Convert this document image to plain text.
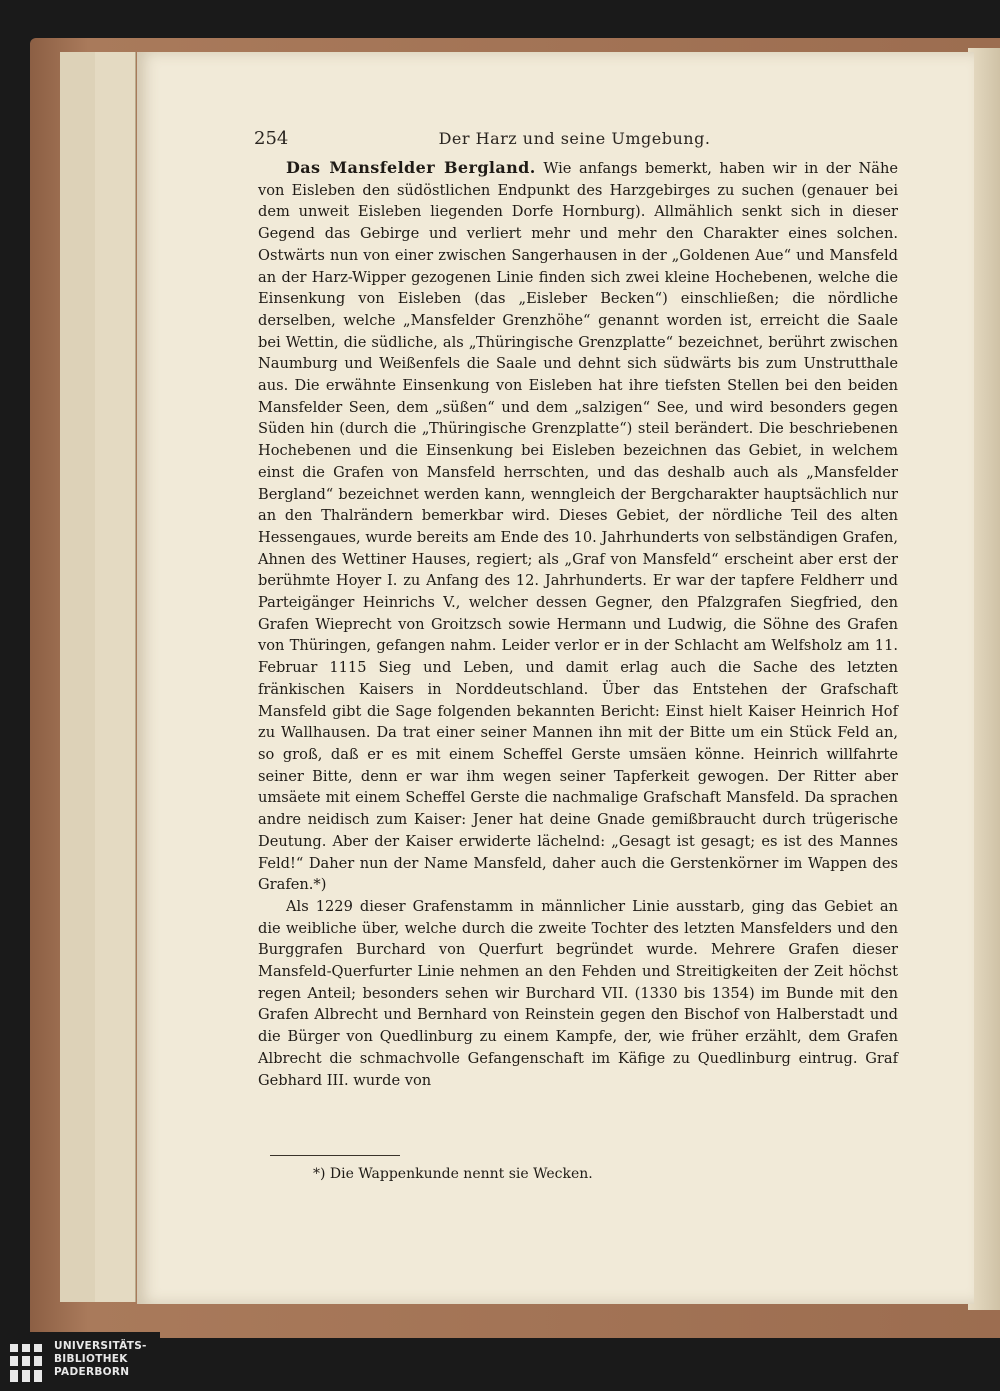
254	Der Harz und seine Umgebung.

Das Mansfelder Bergland. Wie anfangs bemerkt, haben wir in der Nähe von Eisleben den südöstlichen Endpunkt des Harzgebirges zu suchen (genauer bei dem unweit Eisleben liegenden Dorfe Hornburg). Allmählich senkt sich in dieser Gegend das Gebirge und verliert mehr und mehr den Charakter eines solchen. Ostwärts nun von einer zwischen Sangerhausen in der „Goldenen Aue“ und Mansfeld an der Harz-Wipper gezogenen Linie finden sich zwei kleine Hochebenen, welche die Einsenkung von Eisleben (das „Eisleber Becken“) einschließen; die nördliche derselben, welche „Mansfelder Grenzhöhe“ genannt worden ist, erreicht die Saale bei Wettin, die südliche, als „Thüringische Grenzplatte“ bezeichnet, berührt zwischen Naumburg und Weißenfels die Saale und dehnt sich südwärts bis zum Unstrutthale aus. Die erwähnte Einsenkung von Eisleben hat ihre tiefsten Stellen bei den beiden Mansfelder Seen, dem „süßen“ und dem „salzigen“ See, und wird besonders gegen Süden hin (durch die „Thüringische Grenzplatte“) steil berändert. Die beschriebenen Hochebenen und die Einsenkung bei Eisleben bezeichnen das Gebiet, in welchem einst die Grafen von Mansfeld herrschten, und das deshalb auch als „Mansfelder Bergland“ bezeichnet werden kann, wenngleich der Bergcharakter hauptsächlich nur an den Thalrändern bemerkbar wird. Dieses Gebiet, der nördliche Teil des alten Hessengaues, wurde bereits am Ende des 10. Jahrhunderts von selbständigen Grafen, Ahnen des Wettiner Hauses, regiert; als „Graf von Mansfeld“ erscheint aber erst der berühmte Hoyer I. zu Anfang des 12. Jahrhunderts. Er war der tapfere Feldherr und Parteigänger Heinrichs V., welcher dessen Gegner, den Pfalzgrafen Siegfried, den Grafen Wieprecht von Groitzsch sowie Hermann und Ludwig, die Söhne des Grafen von Thüringen, gefangen nahm. Leider verlor er in der Schlacht am Welfsholz am 11. Februar 1115 Sieg und Leben, und damit erlag auch die Sache des letzten fränkischen Kaisers in Norddeutschland. Über das Entstehen der Grafschaft Mansfeld gibt die Sage folgenden bekannten Bericht: Einst hielt Kaiser Heinrich Hof zu Wallhausen. Da trat einer seiner Mannen ihn mit der Bitte um ein Stück Feld an, so groß, daß er es mit einem Scheffel Gerste umsäen könne. Heinrich willfahrte seiner Bitte, denn er war ihm wegen seiner Tapferkeit gewogen. Der Ritter aber umsäete mit einem Scheffel Gerste die nachmalige Grafschaft Mansfeld. Da sprachen andre neidisch zum Kaiser: Jener hat deine Gnade gemißbraucht durch trügerische Deutung. Aber der Kaiser erwiderte lächelnd: „Gesagt ist gesagt; es ist des Mannes Feld!“ Daher nun der Name Mansfeld, daher auch die Gerstenkörner im Wappen des Grafen.*)

Als 1229 dieser Grafenstamm in männlicher Linie ausstarb, ging das Gebiet an die weibliche über, welche durch die zweite Tochter des letzten Mansfelders und den Burggrafen Burchard von Querfurt begründet wurde. Mehrere Grafen dieser Mansfeld-Querfurter Linie nehmen an den Fehden und Streitigkeiten der Zeit höchst regen Anteil; besonders sehen wir Burchard VII. (1330 bis 1354) im Bunde mit den Grafen Albrecht und Bernhard von Reinstein gegen den Bischof von Halberstadt und die Bürger von Quedlinburg zu einem Kampfe, der, wie früher erzählt, dem Grafen Albrecht die schmachvolle Gefangenschaft im Käfige zu Quedlinburg eintrug. Graf Gebhard III. wurde von

*) Die Wappenkunde nennt sie Wecken.
UNIVERSITÄTS-
BIBLIOTHEK
PADERBORN
